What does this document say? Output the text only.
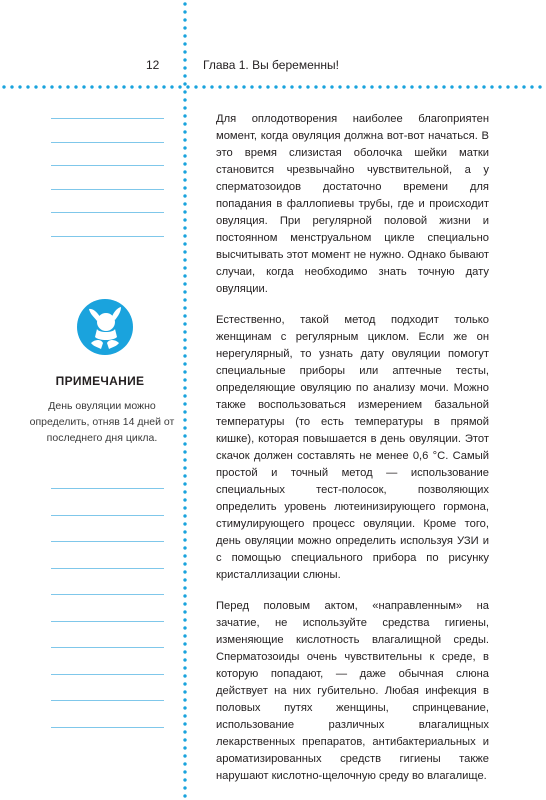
12	Глава 1. Вы беременны!
ПРИМЕЧАНИЕ
День овуляции можно определить, отняв 14 дней от последнего дня цикла.

Для оплодотворения наиболее благоприятен момент, когда овуляция должна вот-вот начаться. В это время слизистая оболочка шейки матки становится чрезвычайно чувствительной, а у сперматозоидов достаточно времени для попадания в фаллопиевы трубы, где и происходит овуляция. При регулярной половой жизни и постоянном менструальном цикле специально высчитывать этот момент не нужно. Однако бывают случаи, когда необходимо знать точную дату овуляции.

Естественно, такой метод подходит только женщинам с регулярным циклом. Если же он нерегулярный, то узнать дату овуляции помогут специальные приборы или аптечные тесты, определяющие овуляцию по анализу мочи. Можно также воспользоваться измерением базальной температуры (то есть температуры в прямой кишке), которая повышается в день овуляции. Этот скачок должен составлять не менее 0,6 °С. Самый простой и точный метод — использование специальных тест-полосок, позволяющих определить уровень лютеинизирующего гормона, стимулирующего процесс овуляции. Кроме того, день овуляции можно определить используя УЗИ и с помощью специального прибора по рисунку кристаллизации слюны.

Перед половым актом, «направленным» на зачатие, не используйте средства гигиены, изменяющие кислотность влагалищной среды. Сперматозоиды очень чувствительны к среде, в которую попадают, — даже обычная слюна действует на них губительно. Любая инфекция в половых путях женщины, спринцевание, использование различных влагалищных лекарственных препаратов, антибактериальных и ароматизированных средств гигиены также нарушают кислотно-щелочную среду во влагалище.
